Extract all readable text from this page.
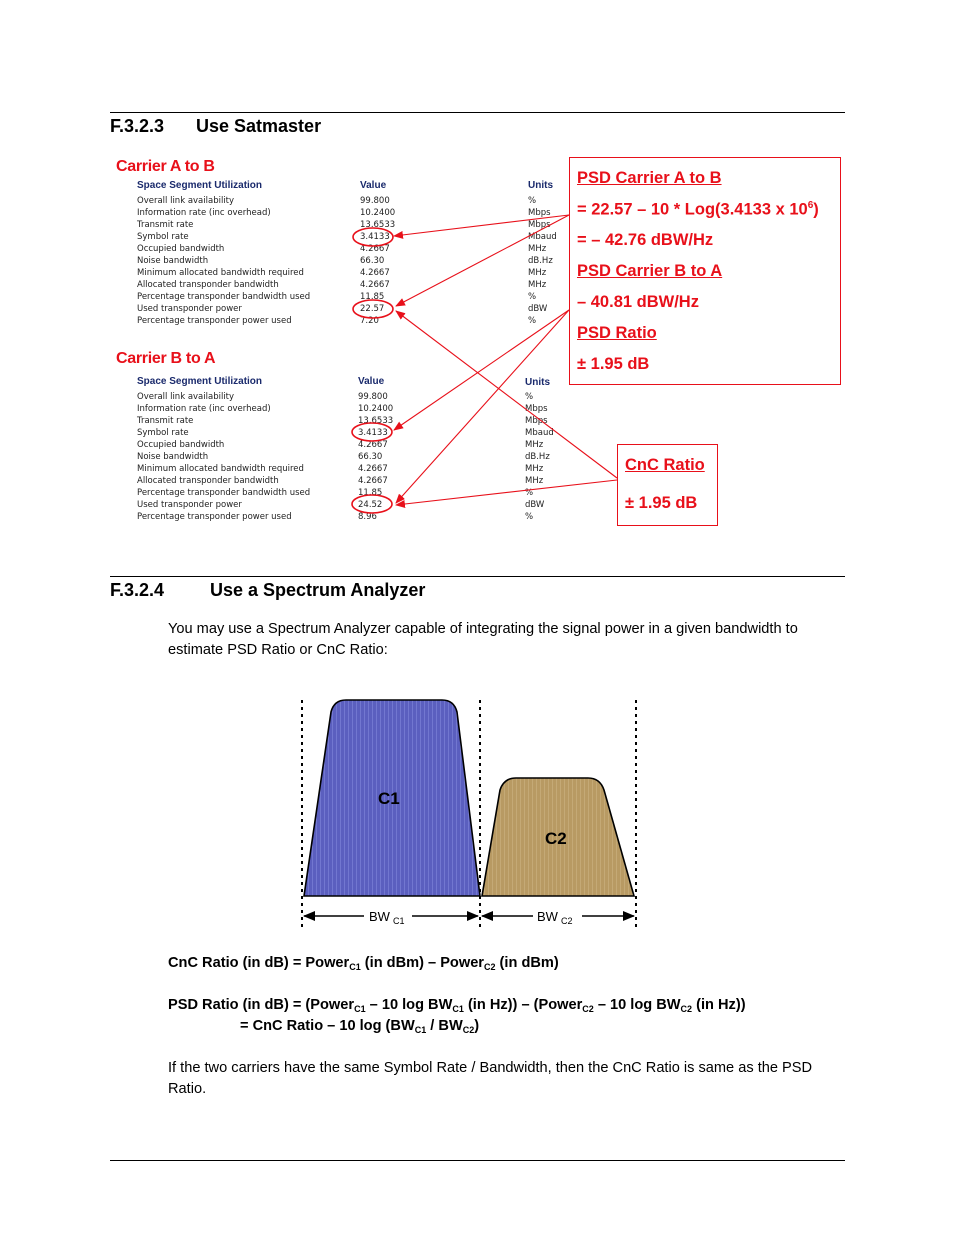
F.3.2.3 Use Satmaster
Carrier A to B
Space Segment Utilization	Value	Units
Overall link availability	99.800	%
Information rate (inc overhead)	10.2400	Mbps
Transmit rate	13.6533	Mbps
Symbol rate	3.4133	Mbaud
Occupied bandwidth	4.2667	MHz
Noise bandwidth	66.30	dB.Hz
Minimum allocated bandwidth required	4.2667	MHz
Allocated transponder bandwidth	4.2667	MHz
Percentage transponder bandwidth used	11.85	%
Used transponder power	22.57	dBW
Percentage transponder power used	7.20	%
Carrier B to A
Space Segment Utilization	Value	Units
Overall link availability	99.800	%
Information rate (inc overhead)	10.2400	Mbps
Transmit rate	13.6533	Mbps
Symbol rate	3.4133	Mbaud
Occupied bandwidth	4.2667	MHz
Noise bandwidth	66.30	dB.Hz
Minimum allocated bandwidth required	4.2667	MHz
Allocated transponder bandwidth	4.2667	MHz
Percentage transponder bandwidth used	11.85	%
Used transponder power	24.52	dBW
Percentage transponder power used	8.96	%
PSD Carrier A to B
= 22.57 – 10 * Log(3.4133 x $10^6$)
= – 42.76 dBW/Hz
PSD Carrier B to A
– 40.81 dBW/Hz
PSD Ratio
± 1.95 dB
CnC Ratio
± 1.95 dB
F.3.2.4	Use a Spectrum Analyzer
You may use a Spectrum Analyzer capable of integrating the signal power in a given bandwidth to estimate PSD Ratio or CnC Ratio:
C1
C2
BW $_{C1}$	BW $_{C2}$
CnC Ratio (in dB) = Power$_{C1}$ (in dBm) – Power$_{C2}$ (in dBm)
PSD Ratio (in dB) = (Power$_{C1}$ – 10 $\log BW_{C1}$ (in Hz)) – (Power$_{C2}$ – 10 $\log BW_{C2}$ (in Hz))
= CnC Ratio – 10 $\log (BW_{C1} / BW_{C2})$
If the two carriers have the same Symbol Rate / Bandwidth, then the CnC Ratio is same as the PSD Ratio.
